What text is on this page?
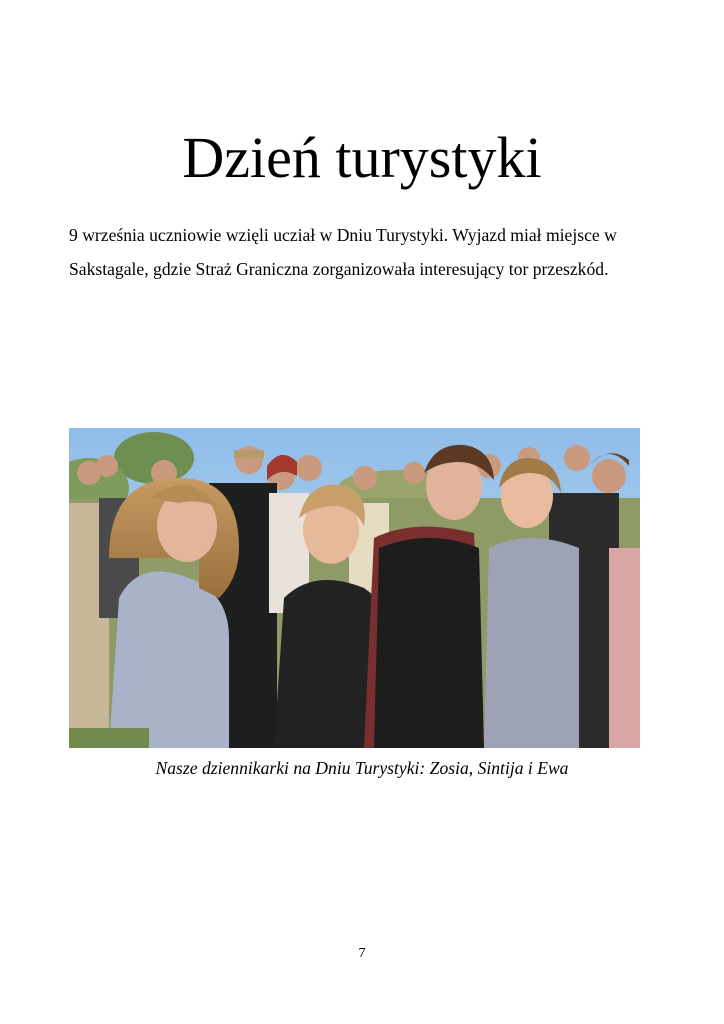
Dzień turystyki

9 września uczniowie wzięli ucział w Dniu Turystyki. Wyjazd miał miejsce w Sakstagale, gdzie Straż Graniczna zorganizowała interesujący tor przeszkód.

Nasze dziennikarki na Dniu Turystyki: Zosia, Sintija i Ewa
7
